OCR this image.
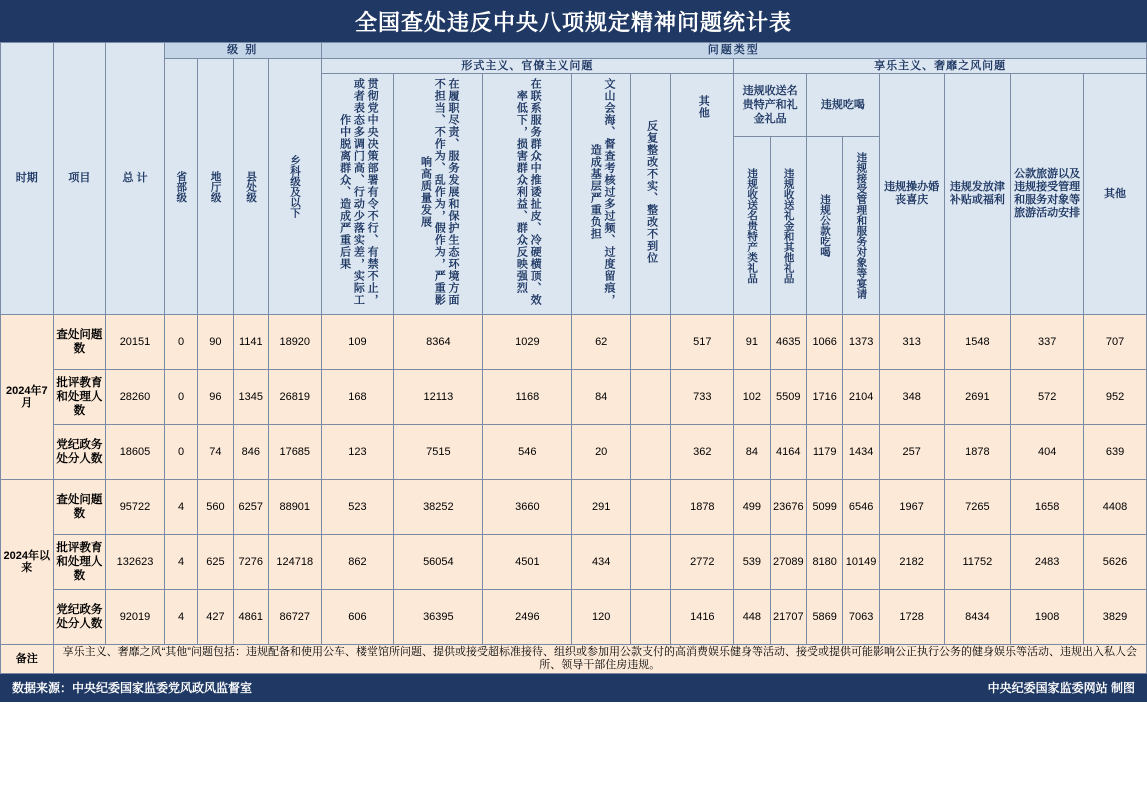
全国查处违反中央八项规定精神问题统计表
时期	项目	总 计	级 别				问题类型													

			省部级	地厅级	县处级	乡科级及以下	形式主义、官僚主义问题						享乐主义、奢靡之风问题							

							贯彻党中央决策部署有令不行、有禁不止，或者表态多调门高、行动少落实差，实际工作中脱离群众、造成严重后果	在履职尽责、服务发展和保护生态环境方面不担当、不作为、乱作为，假作为，严重影响高质量发展	在联系服务群众中推诿扯皮、冷硬横顶、效率低下，损害群众利益、群众反映强烈	文山会海、督查考核过多过频、过度留痕，造成基层严重负担	反复整改不实、整改不到位	其他	违规收送名贵特产和礼金礼品		违规吃喝		违规操办婚丧喜庆	违规发放津补贴或福利	公款旅游以及违规接受管理和服务对象等旅游活动安排	其他

													违规收送名贵特产类礼品	违规收送礼金和其他礼品	违规公款吃喝	违规接受管理和服务对象等宴请				

2024年7月	查处问题数	20151	0	90	1141	18920	109	8364	1029	62		517	91	4635	1066	1373	313	1548	337	707
	批评教育和处理人数	28260	0	96	1345	26819	168	12113	1168	84		733	102	5509	1716	2104	348	2691	572	952
	党纪政务处分人数	18605	0	74	846	17685	123	7515	546	20		362	84	4164	1179	1434	257	1878	404	639
2024年以来	查处问题数	95722	4	560	6257	88901	523	38252	3660	291		1878	499	23676	5099	6546	1967	7265	1658	4408
	批评教育和处理人数	132623	4	625	7276	124718	862	56054	4501	434		2772	539	27089	8180	10149	2182	11752	2483	5626
	党纪政务处分人数	92019	4	427	4861	86727	606	36395	2496	120		1416	448	21707	5869	7063	1728	8434	1908	3829
备注	享乐主义、奢靡之风“其他”问题包括：违规配备和使用公车、楼堂馆所问题、提供或接受超标准接待、组织或参加用公款支付的高消费娱乐健身等活动、接受或提供可能影响公正执行公务的健身娱乐等活动、违规出入私人会所、领导干部住房违规。																			
数据来源：中央纪委国家监委党风政风监督室	中央纪委国家监委网站 制图
